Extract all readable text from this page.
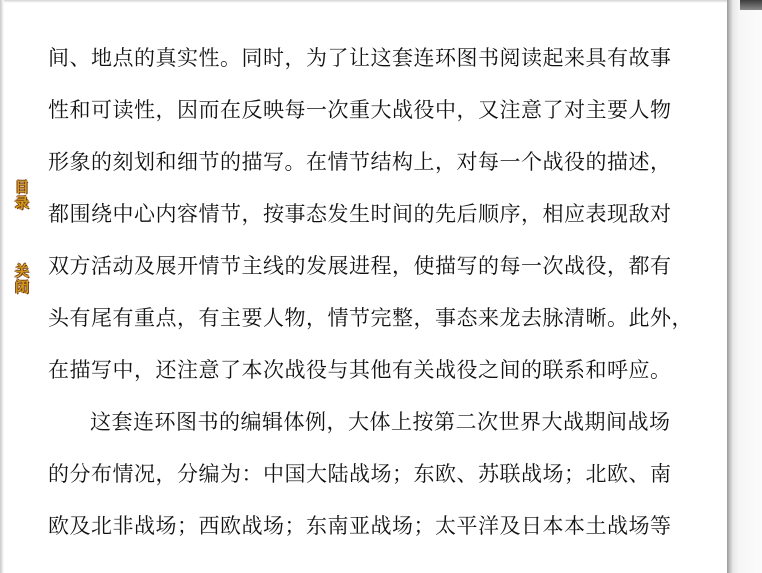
目
录
关
闭
间、地点的真实性。同时，为了让这套连环图书阅读起来具有故事
性和可读性，因而在反映每一次重大战役中，又注意了对主要人物
形象的刻划和细节的描写。在情节结构上，对每一个战役的描述，
都围绕中心内容情节，按事态发生时间的先后顺序，相应表现敌对
双方活动及展开情节主线的发展进程，使描写的每一次战役，都有
头有尾有重点，有主要人物，情节完整，事态来龙去脉清晰。此外，
在描写中，还注意了本次战役与其他有关战役之间的联系和呼应。
这套连环图书的编辑体例，大体上按第二次世界大战期间战场
的分布情况，分编为：中国大陆战场；东欧、苏联战场；北欧、南
欧及北非战场；西欧战场；东南亚战场；太平洋及日本本土战场等
